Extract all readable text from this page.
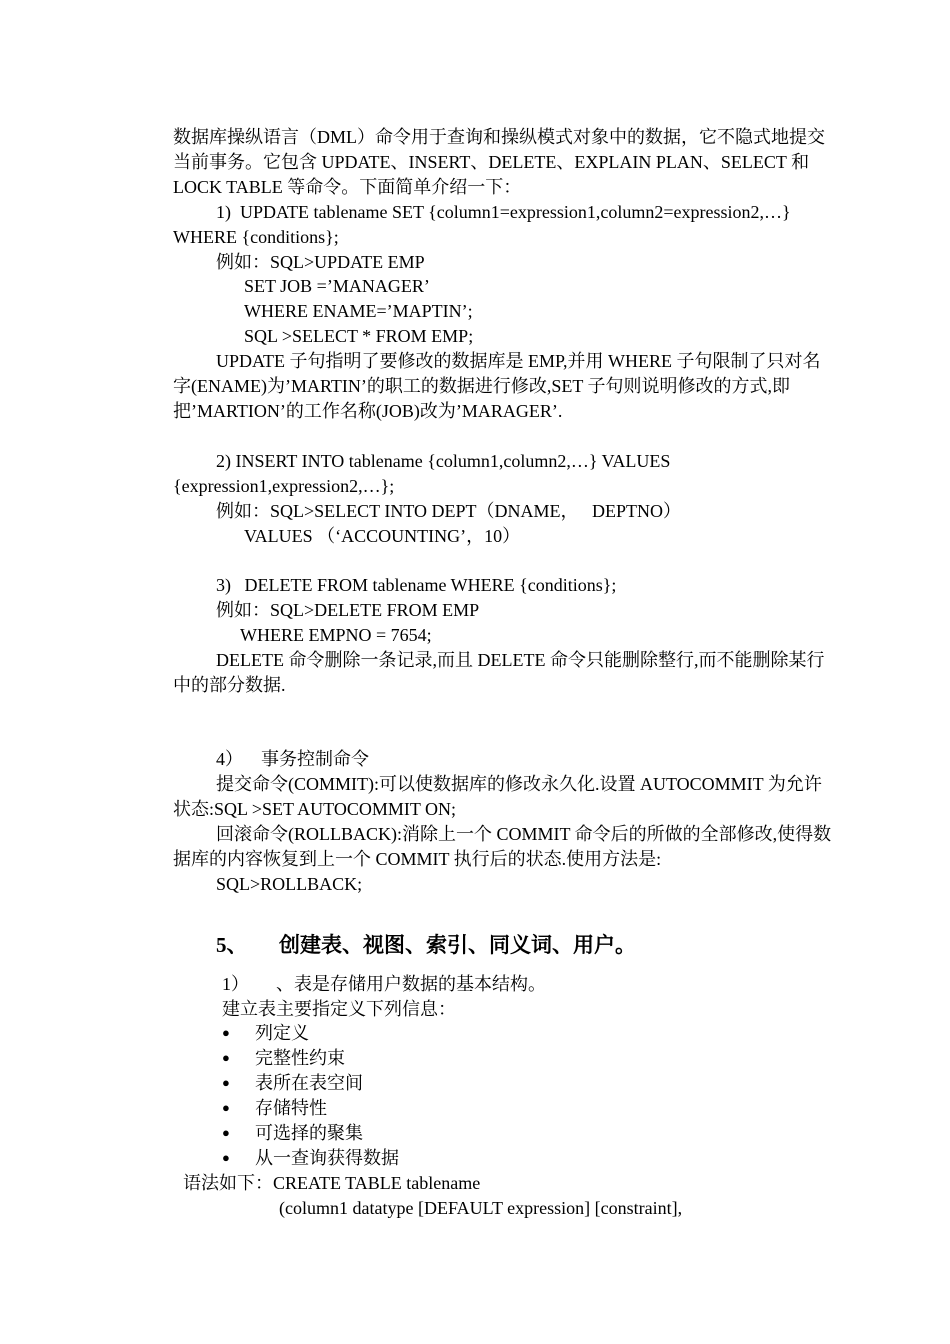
数据库操纵语言（DML）命令用于查询和操纵模式对象中的数据，它不隐式地提交
当前事务。它包含 UPDATE、INSERT、DELETE、EXPLAIN PLAN、SELECT 和
LOCK TABLE 等命令。下面简单介绍一下：
1)  UPDATE tablename SET {column1=expression1,column2=expression2,…}
WHERE {conditions};
例如：SQL>UPDATE EMP
SET JOB =’MANAGER’
WHERE ENAME=’MAPTIN’;
SQL >SELECT * FROM EMP;
UPDATE 子句指明了要修改的数据库是 EMP,并用 WHERE 子句限制了只对名
字(ENAME)为’MARTIN’的职工的数据进行修改,SET 子句则说明修改的方式,即
把’MARTION’的工作名称(JOB)改为’MARAGER’.
2) INSERT INTO tablename {column1,column2,…} VALUES
{expression1,expression2,…};
例如：SQL>SELECT INTO DEPT（DNAME，   DEPTNO）
VALUES （‘ACCOUNTING’，10）
3)   DELETE FROM tablename WHERE {conditions};
例如：SQL>DELETE FROM EMP
WHERE EMPNO = 7654;
DELETE 命令删除一条记录,而且 DELETE 命令只能删除整行,而不能删除某行
中的部分数据.
4）    事务控制命令
提交命令(COMMIT):可以使数据库的修改永久化.设置 AUTOCOMMIT 为允许
状态:SQL >SET AUTOCOMMIT ON;
回滚命令(ROLLBACK):消除上一个 COMMIT 命令后的所做的全部修改,使得数
据库的内容恢复到上一个 COMMIT 执行后的状态.使用方法是:
SQL>ROLLBACK;
5、 创建表、视图、索引、同义词、用户。
1）      、表是存储用户数据的基本结构。
建立表主要指定义下列信息：
● 列定义
● 完整性约束
● 表所在表空间
● 存储特性
● 可选择的聚集
● 从一查询获得数据
语法如下：CREATE TABLE tablename
(column1 datatype [DEFAULT expression] [constraint],
